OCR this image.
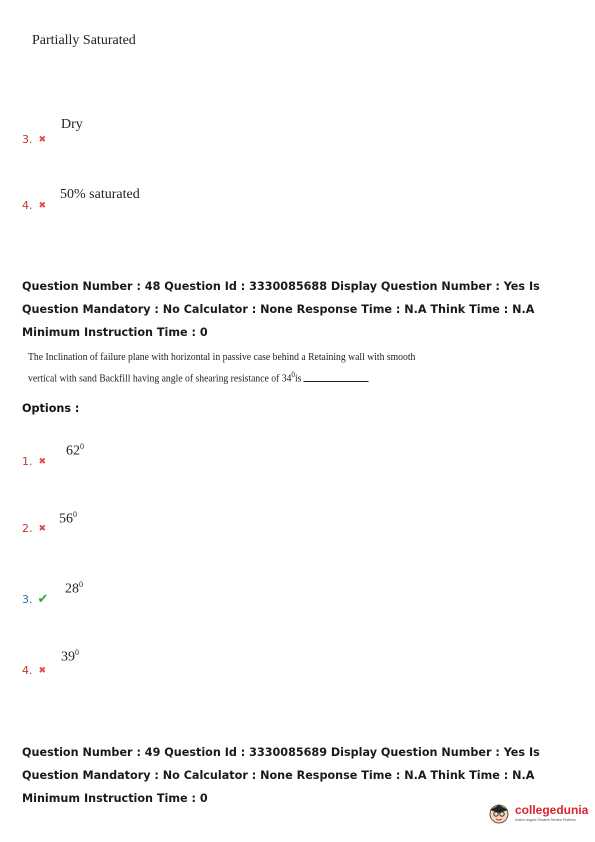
Partially Saturated
3. ✖
Dry
4. ✖
50% saturated
Question Number : 48 Question Id : 3330085688 Display Question Number : Yes Is Question Mandatory : No Calculator : None Response Time : N.A Think Time : N.A Minimum Instruction Time : 0
The Inclination of failure plane with horizontal in passive case behind a Retaining wall with smooth
vertical with sand Backfill having angle of shearing resistance of $34^0is$
Options :
1. ✖
$62^0$
2. ✖
$56^0$
3. ✔
$28^0$
4. ✖
$39^0$
Question Number : 49 Question Id : 3330085689 Display Question Number : Yes Is Question Mandatory : No Calculator : None Response Time : N.A Think Time : N.A Minimum Instruction Time : 0
collegedunia
India's largest Student Review Platform
